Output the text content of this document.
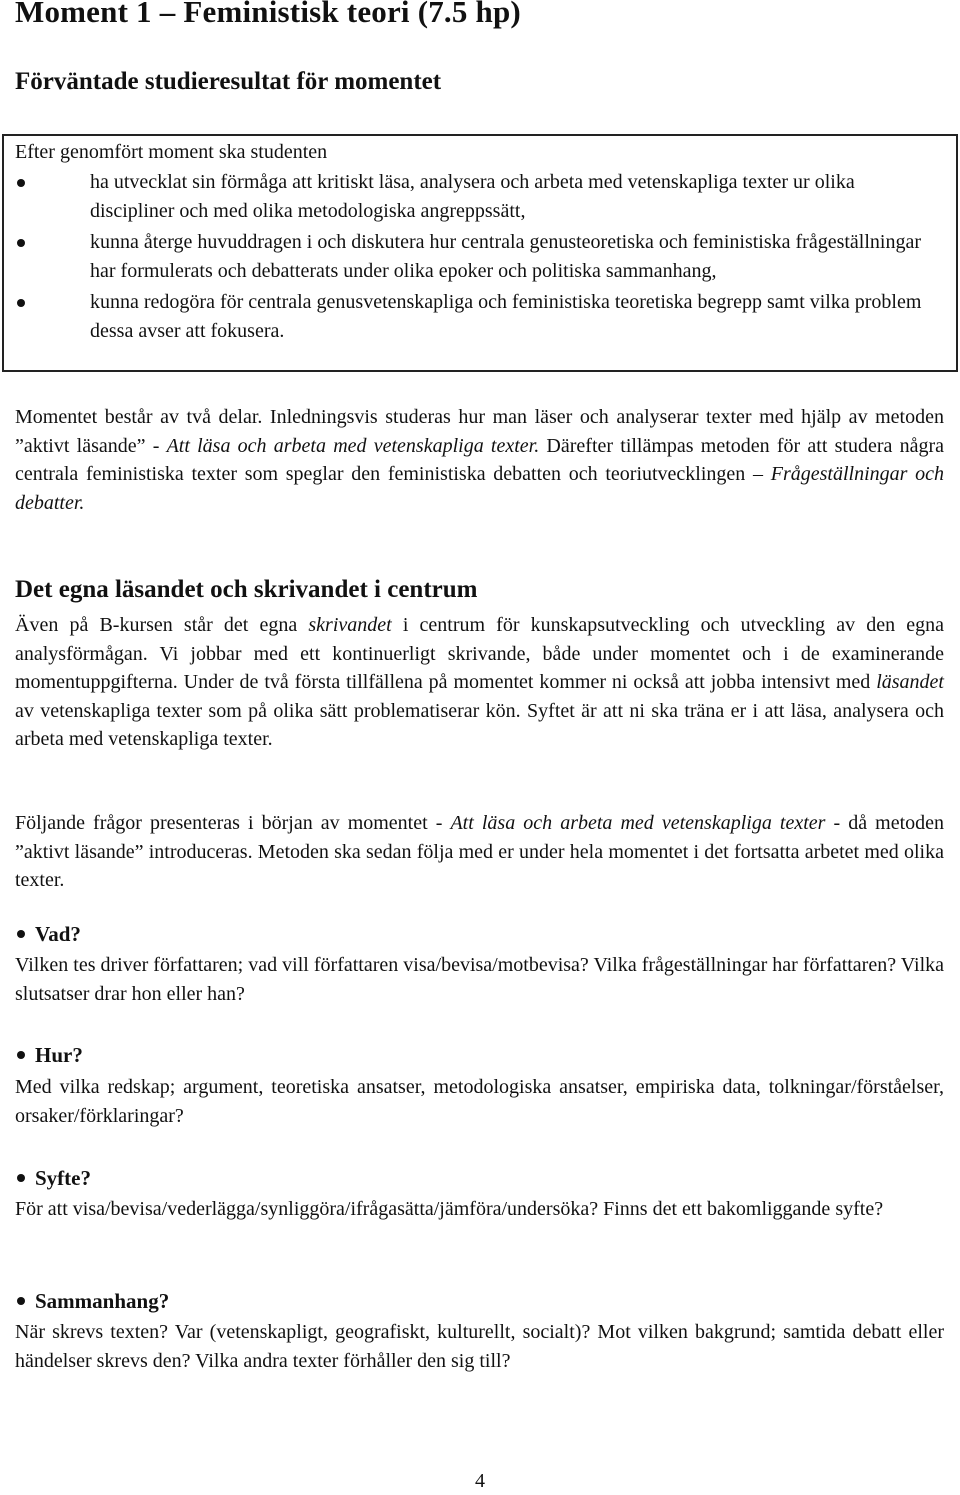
Moment 1 – Feministisk teori (7.5 hp)
Förväntade studieresultat för momentet
Efter genomfört moment ska studenten
ha utvecklat sin förmåga att kritiskt läsa, analysera och arbeta med vetenskapliga texter ur olika discipliner och med olika metodologiska angreppssätt,
kunna återge huvuddragen i och diskutera hur centrala genusteoretiska och feministiska frågeställningar har formulerats och debatterats under olika epoker och politiska sammanhang,
kunna redogöra för centrala genusvetenskapliga och feministiska teoretiska begrepp samt vilka problem dessa avser att fokusera.

Momentet består av två delar. Inledningsvis studeras hur man läser och analyserar texter med hjälp av metoden ”aktivt läsande” - Att läsa och arbeta med vetenskapliga texter. Därefter tillämpas metoden för att studera några centrala feministiska texter som speglar den feministiska debatten och teoriutvecklingen – Frågeställningar och debatter.

Det egna läsandet och skrivandet i centrum

Även på B-kursen står det egna skrivandet i centrum för kunskapsutveckling och utveckling av den egna analysförmågan. Vi jobbar med ett kontinuerligt skrivande, både under momentet och i de examinerande momentuppgifterna. Under de två första tillfällena på momentet kommer ni också att jobba intensivt med läsandet av vetenskapliga texter som på olika sätt problematiserar kön. Syftet är att ni ska träna er i att läsa, analysera och arbeta med vetenskapliga texter.

Följande frågor presenteras i början av momentet - Att läsa och arbeta med vetenskapliga texter - då metoden ”aktivt läsande” introduceras. Metoden ska sedan följa med er under hela momentet i det fortsatta arbetet med olika texter.

Vad?

Vilken tes driver författaren; vad vill författaren visa/bevisa/motbevisa? Vilka frågeställningar har författaren? Vilka slutsatser drar hon eller han?

Hur?

Med vilka redskap; argument, teoretiska ansatser, metodologiska ansatser, empiriska data, tolkningar/förståelser, orsaker/förklaringar?

Syfte?

För att visa/bevisa/vederlägga/synliggöra/ifrågasätta/jämföra/undersöka? Finns det ett bakomliggande syfte?

Sammanhang?

När skrevs texten? Var (vetenskapligt, geografiskt, kulturellt, socialt)? Mot vilken bakgrund; samtida debatt eller händelser skrevs den? Vilka andra texter förhåller den sig till?

4
